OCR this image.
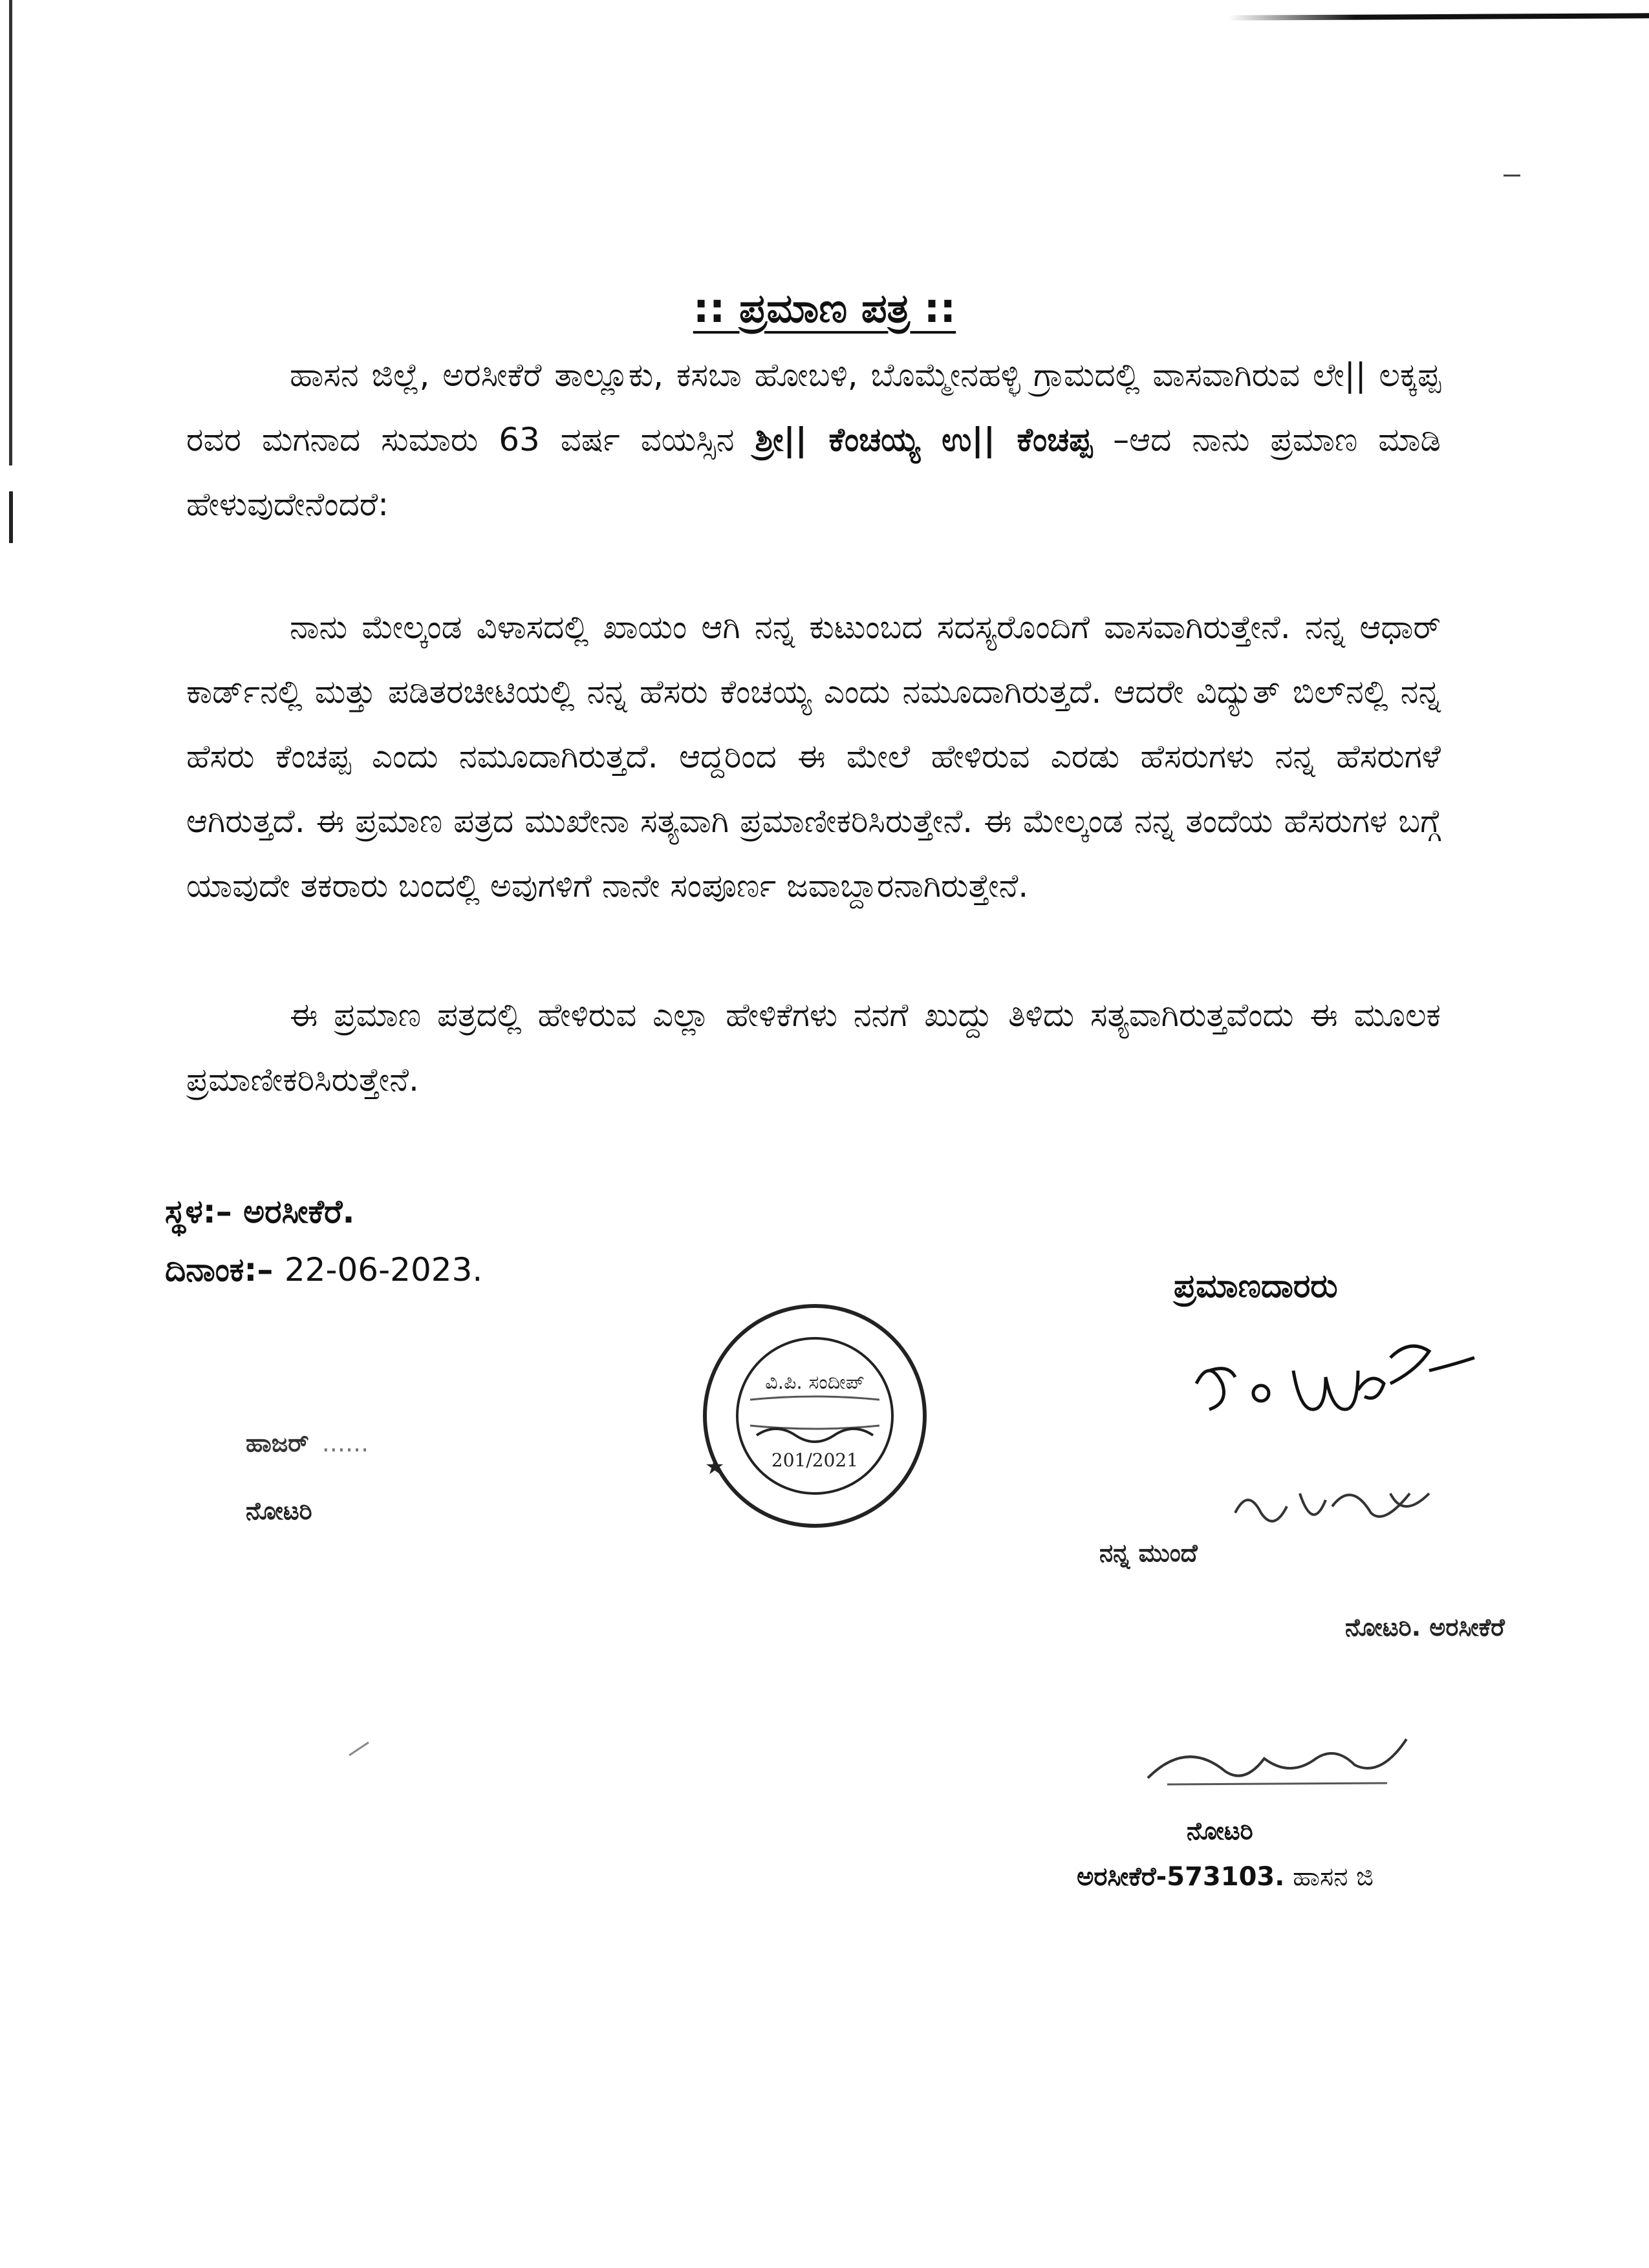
:: ಪ್ರಮಾಣ ಪತ್ರ ::
ಹಾಸನ ಜಿಲ್ಲೆ, ಅರಸೀಕೆರೆ ತಾಲ್ಲೂಕು, ಕಸಬಾ ಹೋಬಳಿ, ಬೊಮ್ಮೇನಹಳ್ಳಿ ಗ್ರಾಮದಲ್ಲಿ ವಾಸವಾಗಿರುವ ಲೇ|| ಲಕ್ಕಪ್ಪ ರವರ ಮಗನಾದ ಸುಮಾರು 63 ವರ್ಷ ವಯಸ್ಸಿನ ಶ್ರೀ|| ಕೆಂಚಯ್ಯ ಉ|| ಕೆಂಚಪ್ಪ –ಆದ ನಾನು ಪ್ರಮಾಣ ಮಾಡಿ ಹೇಳುವುದೇನೆಂದರೆ:
ನಾನು ಮೇಲ್ಕಂಡ ವಿಳಾಸದಲ್ಲಿ ಖಾಯಂ ಆಗಿ ನನ್ನ ಕುಟುಂಬದ ಸದಸ್ಯರೊಂದಿಗೆ ವಾಸವಾಗಿರುತ್ತೇನೆ. ನನ್ನ ಆಧಾರ್ ಕಾರ್ಡ್‌ನಲ್ಲಿ ಮತ್ತು ಪಡಿತರಚೀಟಿಯಲ್ಲಿ ನನ್ನ ಹೆಸರು ಕೆಂಚಯ್ಯ ಎಂದು ನಮೂದಾಗಿರುತ್ತದೆ. ಆದರೇ ವಿದ್ಯುತ್ ಬಿಲ್‌ನಲ್ಲಿ ನನ್ನ ಹೆಸರು ಕೆಂಚಪ್ಪ ಎಂದು ನಮೂದಾಗಿರುತ್ತದೆ. ಆದ್ದರಿಂದ ಈ ಮೇಲೆ ಹೇಳಿರುವ ಎರಡು ಹೆಸರುಗಳು ನನ್ನ ಹೆಸರುಗಳೆ ಆಗಿರುತ್ತದೆ. ಈ ಪ್ರಮಾಣ ಪತ್ರದ ಮುಖೇನಾ ಸತ್ಯವಾಗಿ ಪ್ರಮಾಣೀಕರಿಸಿರುತ್ತೇನೆ. ಈ ಮೇಲ್ಕಂಡ ನನ್ನ ತಂದೆಯ ಹೆಸರುಗಳ ಬಗ್ಗೆ ಯಾವುದೇ ತಕರಾರು ಬಂದಲ್ಲಿ ಅವುಗಳಿಗೆ ನಾನೇ ಸಂಪೂರ್ಣ ಜವಾಬ್ದಾರನಾಗಿರುತ್ತೇನೆ.
ಈ ಪ್ರಮಾಣ ಪತ್ರದಲ್ಲಿ ಹೇಳಿರುವ ಎಲ್ಲಾ ಹೇಳಿಕೆಗಳು ನನಗೆ ಖುದ್ದು ತಿಳಿದು ಸತ್ಯವಾಗಿರುತ್ತವೆಂದು ಈ ಮೂಲಕ ಪ್ರಮಾಣೀಕರಿಸಿರುತ್ತೇನೆ.
ಸ್ಥಳ:– ಅರಸೀಕೆರೆ.
ದಿನಾಂಕ:– 22-06-2023.	ಪ್ರಮಾಣದಾರರು
ವಿ.ಪಿ. ಸಂದೀಪ್
201/2021
★
ಹಾಜರ್ ......
ನೋಟರಿ
ನನ್ನ ಮುಂದೆ
ನೋಟರಿ. ಅರಸೀಕೆರೆ
ನೋಟರಿ
ಅರಸೀಕೆರೆ-573103. ಹಾಸನ ಜಿ
